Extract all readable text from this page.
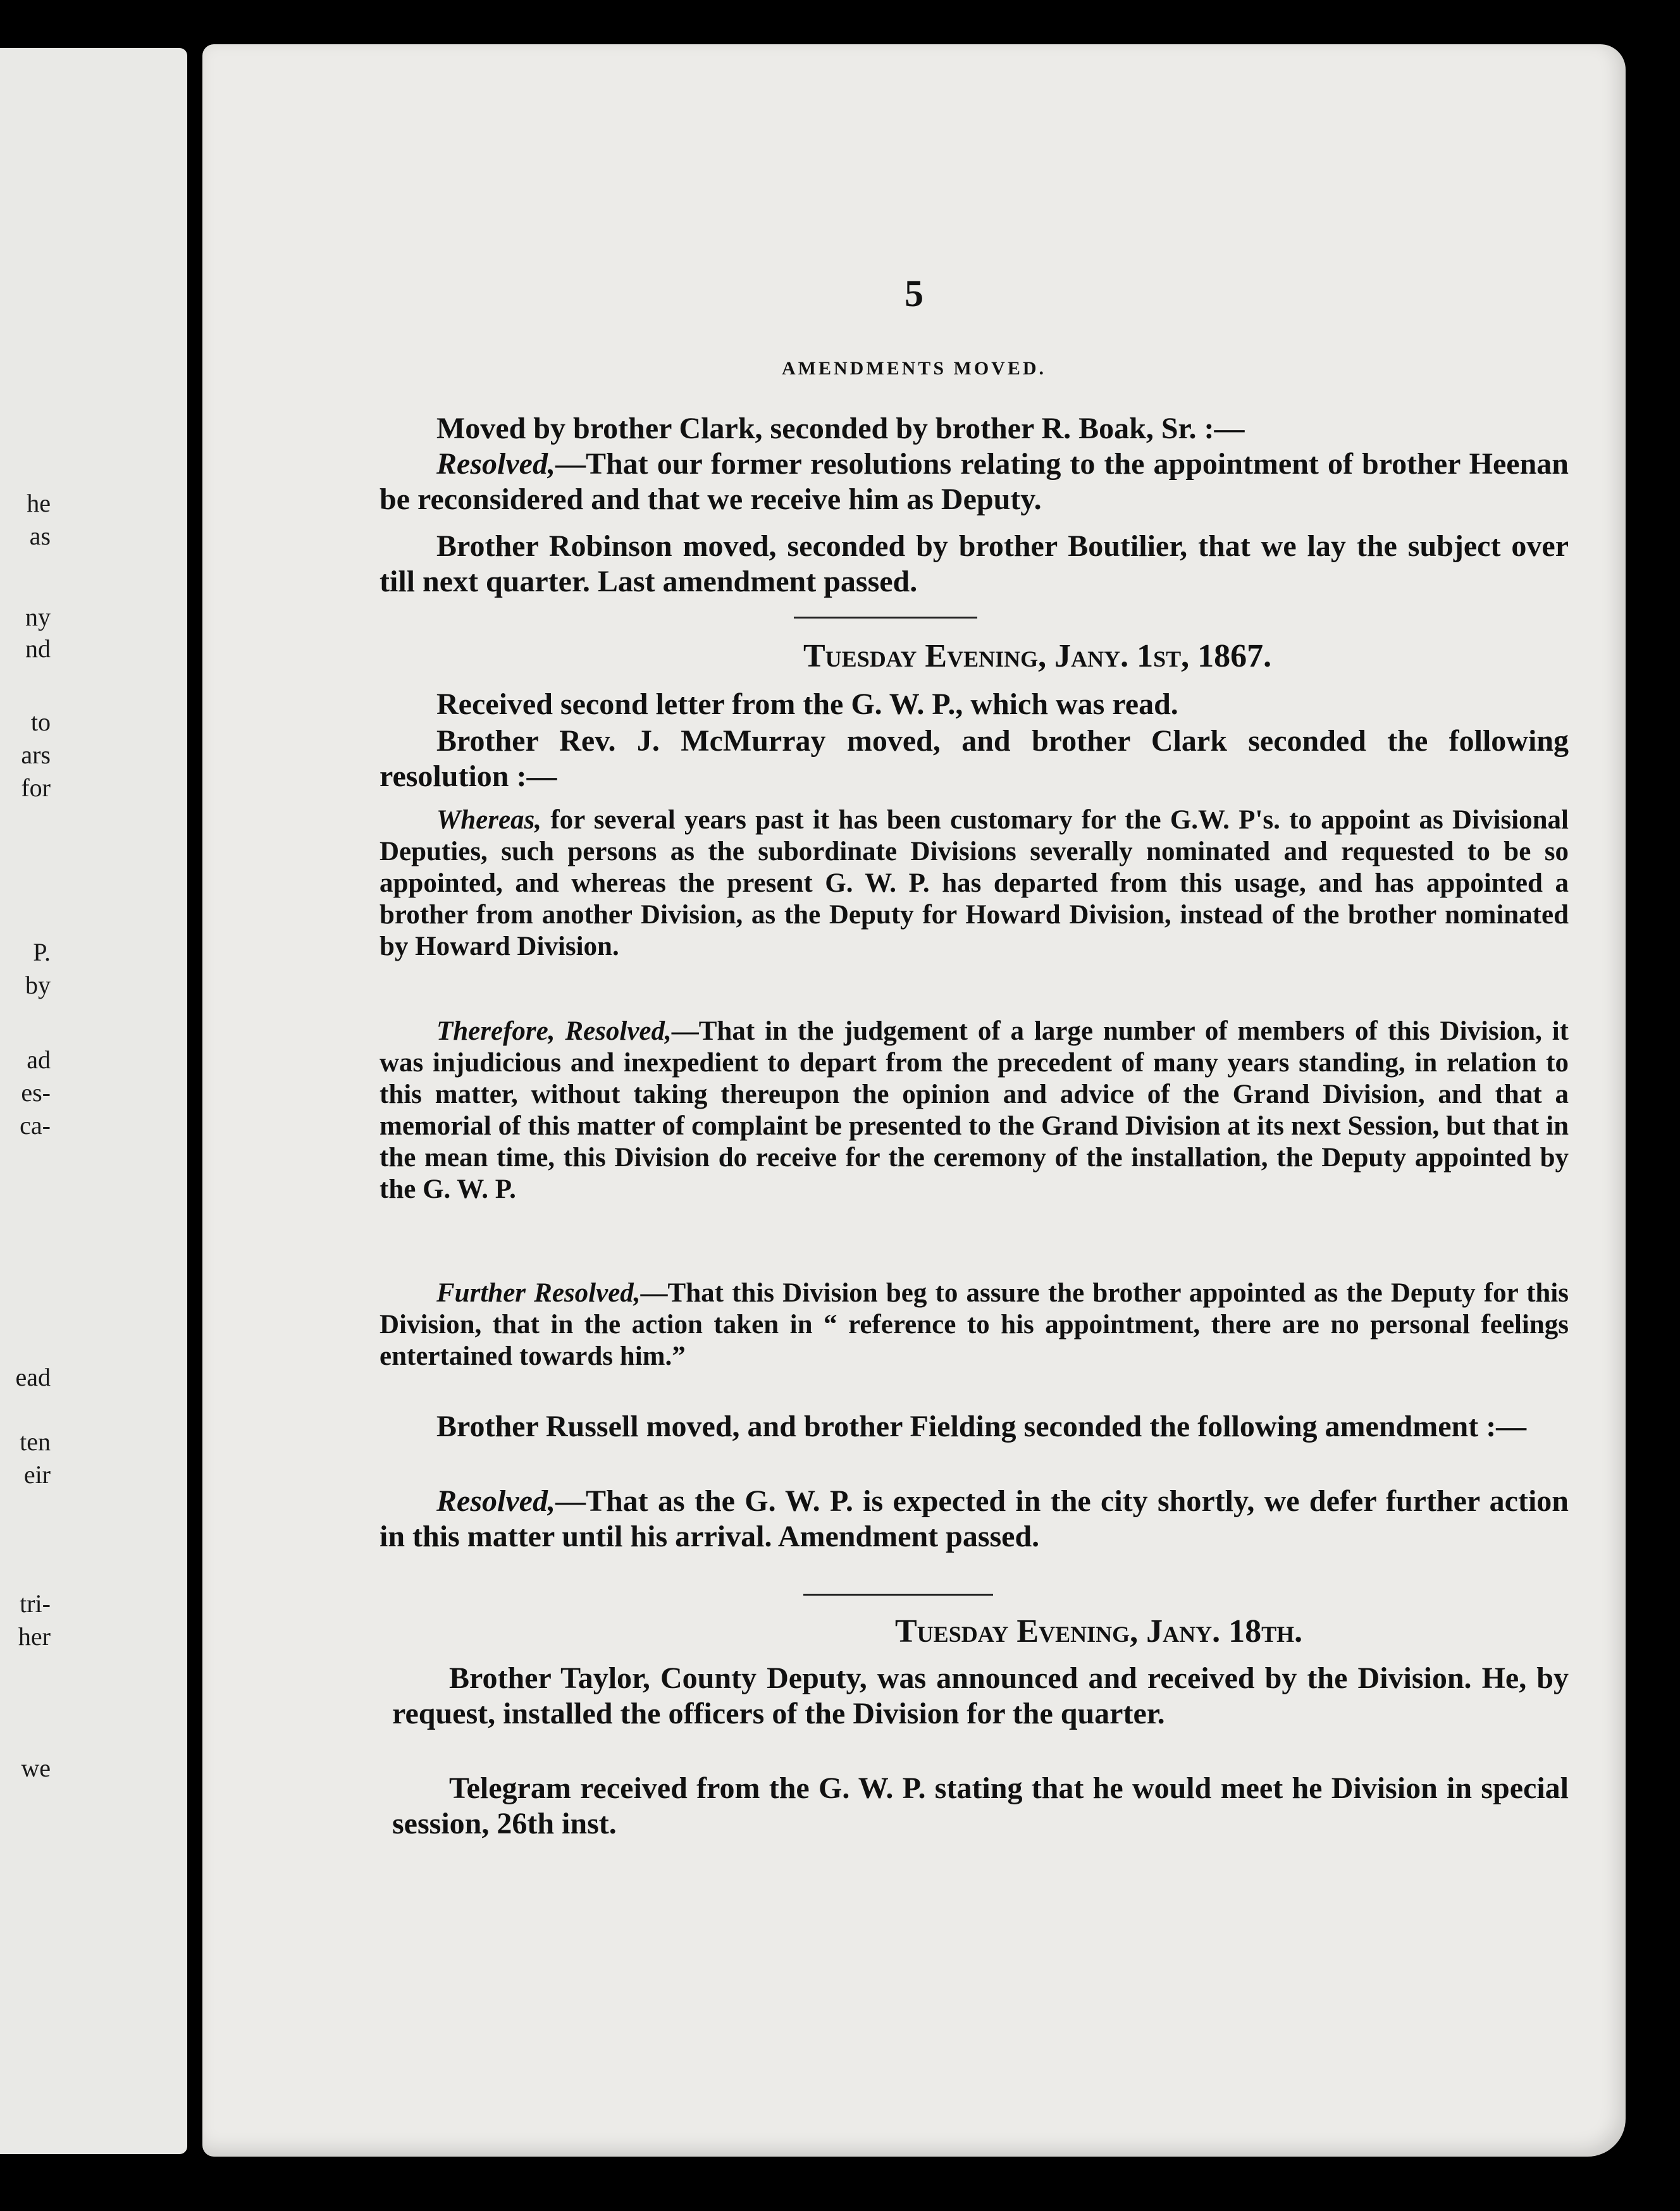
he
as
ny
nd
to
ars
for
P.
by
ad
es-
ca-
ead
ten
eir
tri-
her
we
5
AMENDMENTS MOVED.

Moved by brother Clark, seconded by brother R. Boak, Sr. :—

Resolved,—That our former resolutions relating to the appointment of brother Heenan be reconsidered and that we receive him as Deputy.

Brother Robinson moved, seconded by brother Boutilier, that we lay the subject over till next quarter. Last amendment passed.

Tuesday Evening, Jany. 1st, 1867.

Received second letter from the G. W. P., which was read.

Brother Rev. J. McMurray moved, and brother Clark seconded the following resolution :—

Whereas, for several years past it has been customary for the G.W. P's. to appoint as Divisional Deputies, such persons as the subordinate Divisions severally nominated and requested to be so appointed, and whereas the present G. W. P. has departed from this usage, and has appointed a brother from another Division, as the Deputy for Howard Division, instead of the brother nominated by Howard Division.

Therefore, Resolved,—That in the judgement of a large number of members of this Division, it was injudicious and inexpedient to depart from the precedent of many years standing, in relation to this matter, without taking thereupon the opinion and advice of the Grand Division, and that a memorial of this matter of complaint be presented to the Grand Division at its next Session, but that in the mean time, this Division do receive for the ceremony of the installation, the Deputy appointed by the G. W. P.

Further Resolved,—That this Division beg to assure the brother appointed as the Deputy for this Division, that in the action taken in “ reference to his appointment, there are no personal feelings entertained towards him.”

Brother Russell moved, and brother Fielding seconded the following amendment :—

Resolved,—That as the G. W. P. is expected in the city shortly, we defer further action in this matter until his arrival. Amendment passed.

Tuesday Evening, Jany. 18th.

Brother Taylor, County Deputy, was announced and received by the Division. He, by request, installed the officers of the Division for the quarter.

Telegram received from the G. W. P. stating that he would meet he Division in special session, 26th inst.
